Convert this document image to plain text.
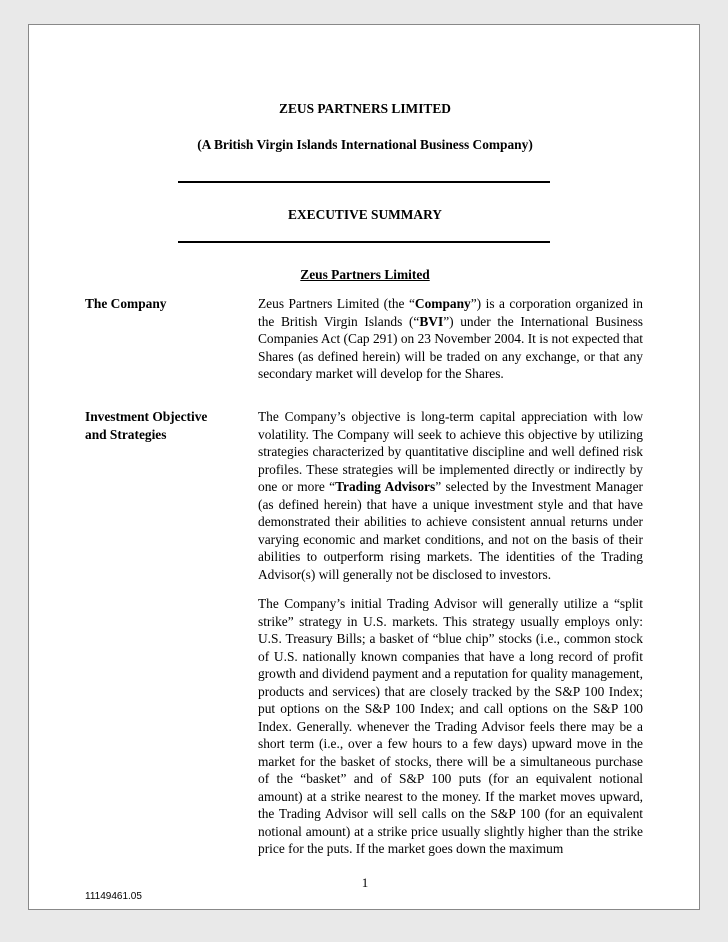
ZEUS PARTNERS LIMITED
(A British Virgin Islands International Business Company)
EXECUTIVE SUMMARY
Zeus Partners Limited
The Company	Zeus Partners Limited (the “Company”) is a corporation organized in the British Virgin Islands (“BVI”) under the International Business Companies Act (Cap 291) on 23 November 2004. It is not expected that Shares (as defined herein) will be traded on any exchange, or that any secondary market will develop for the Shares.

Investment Objective
and Strategies

The Company’s objective is long-term capital appreciation with low volatility. The Company will seek to achieve this objective by utilizing strategies characterized by quantitative discipline and well defined risk profiles. These strategies will be implemented directly or indirectly by one or more “Trading Advisors” selected by the Investment Manager (as defined herein) that have a unique investment style and that have demonstrated their abilities to achieve consistent annual returns under varying economic and market conditions, and not on the basis of their abilities to outperform rising markets. The identities of the Trading Advisor(s) will generally not be disclosed to investors.

The Company’s initial Trading Advisor will generally utilize a “split strike” strategy in U.S. markets. This strategy usually employs only: U.S. Treasury Bills; a basket of “blue chip” stocks (i.e., common stock of U.S. nationally known companies that have a long record of profit growth and dividend payment and a reputation for quality management, products and services) that are closely tracked by the S&P 100 Index; put options on the S&P 100 Index; and call options on the S&P 100 Index. Generally. whenever the Trading Advisor feels there may be a short term (i.e., over a few hours to a few days) upward move in the market for the basket of stocks, there will be a simultaneous purchase of the “basket” and of S&P 100 puts (for an equivalent notional amount) at a strike nearest to the money. If the market moves upward, the Trading Advisor will sell calls on the S&P 100 (for an equivalent notional amount) at a strike price usually slightly higher than the strike price for the puts. If the market goes down the maximum

1
11149461.05
